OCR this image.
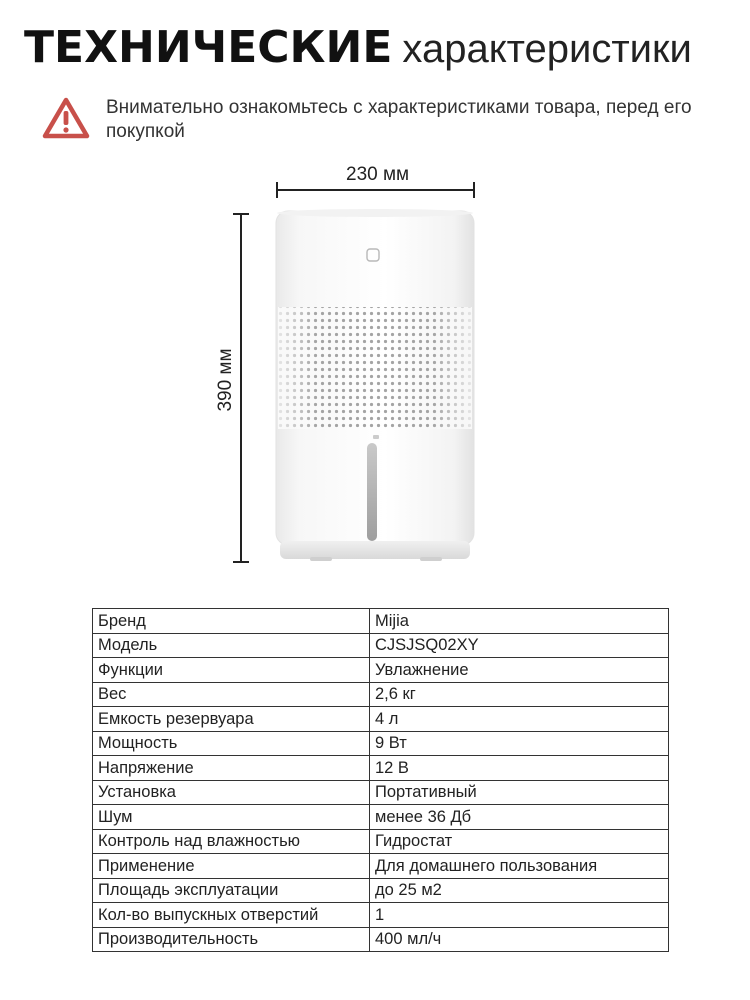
ТЕХНИЧЕСКИЕ характеристики
Внимательно ознакомьтесь с характеристиками товара, перед его покупкой
230 мм
390 мм
Бренд	Mijia
Модель	CJSJSQ02XY
Функции	Увлажнение
Вес	2,6 кг
Емкость резервуара	4 л
Мощность	9 Вт
Напряжение	12 В
Установка	Портативный
Шум	менее 36 Дб
Контроль над влажностью	Гидростат
Применение	Для домашнего пользования
Площадь эксплуатации	до 25 м2
Кол-во выпускных отверстий	1
Производительность	400 мл/ч
